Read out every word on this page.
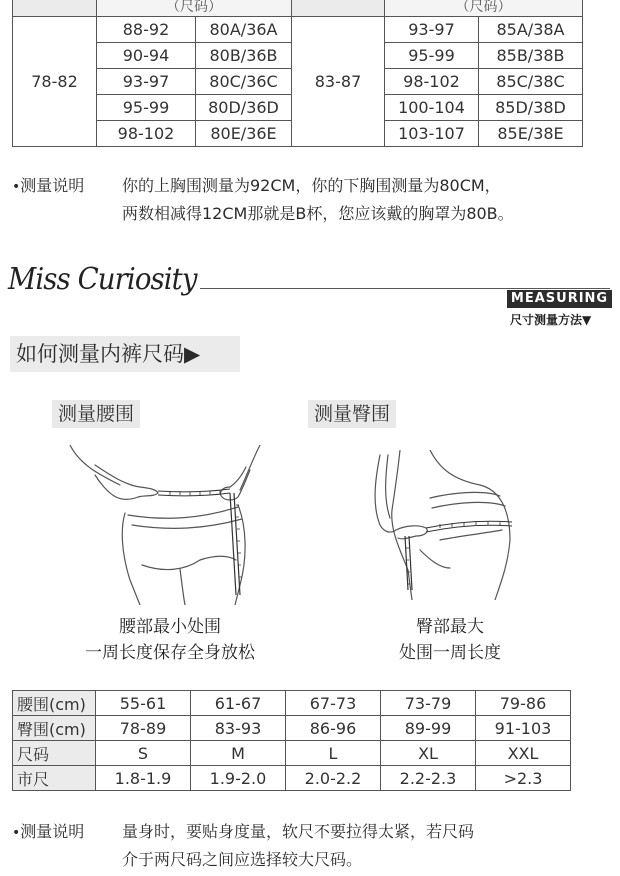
	（尺码）			（尺码）	
78-82	88-92	80A/36A	83-87	93-97	85A/38A
	90-94	80B/36B		95-99	85B/38B
	93-97	80C/36C		98-102	85C/38C
	95-99	80D/36D		100-104	85D/38D
	98-102	80E/36E		103-107	85E/38E
•测量说明 你的上胸围测量为92CM，你的下胸围测量为80CM，
两数相减得12CM那就是B杯，您应该戴的胸罩为80B。
Miss Curiosity
MEASURING
尺寸测量方法▼
如何测量内裤尺码▶
测量腰围	测量臀围
腰部最小处围
一周长度保存全身放松
臀部最大
处围一周长度
腰围(cm)	55-61	61-67	67-73	73-79	79-86
臀围(cm)	78-89	83-93	86-96	89-99	91-103
尺码	S	M	L	XL	XXL
市尺	1.8-1.9	1.9-2.0	2.0-2.2	2.2-2.3	>2.3
•测量说明 量身时，要贴身度量，软尺不要拉得太紧，若尺码
介于两尺码之间应选择较大尺码。
